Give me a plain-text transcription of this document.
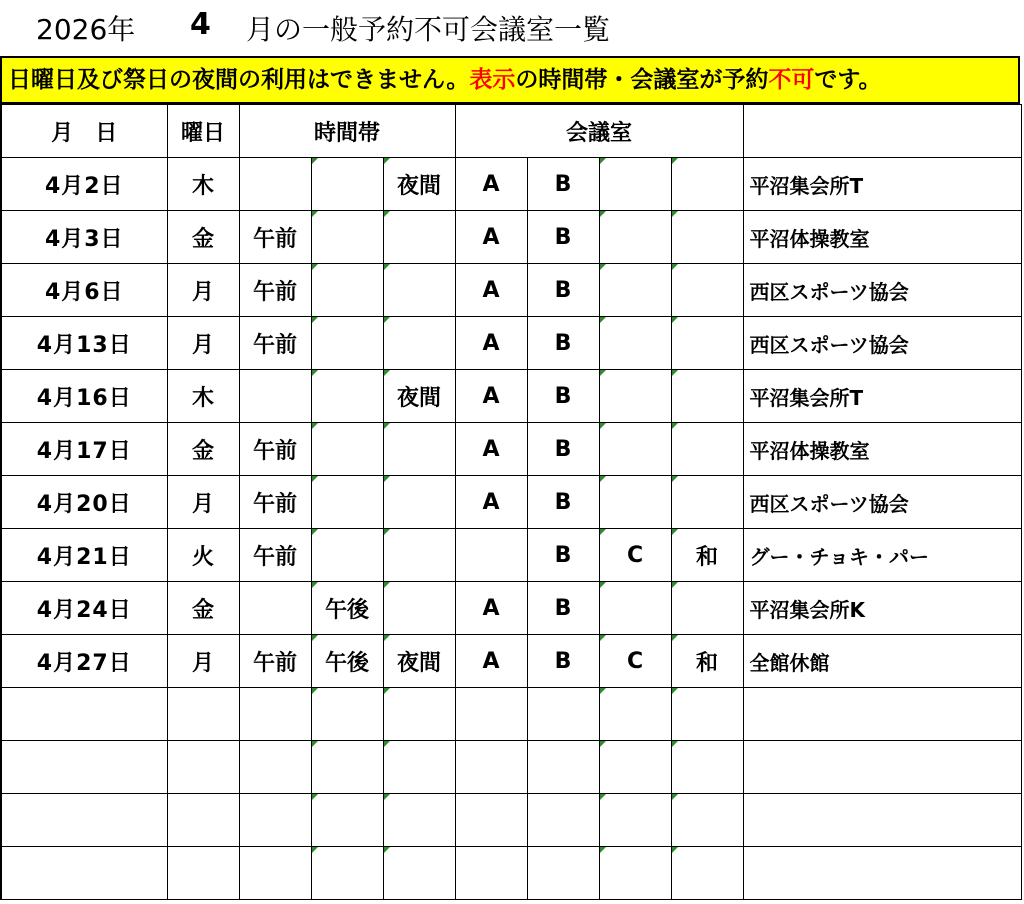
2026年 4 月の一般予約不可会議室一覧
日曜日及び祭日の夜間の利用はできません。表示の時間帯・会議室が予約不可です。
月　日	曜日	時間帯			会議室				
4月2日	木			夜間	A	B			平沼集会所T
4月3日	金	午前			A	B			平沼体操教室
4月6日	月	午前			A	B			西区スポーツ協会
4月13日	月	午前			A	B			西区スポーツ協会
4月16日	木			夜間	A	B			平沼集会所T
4月17日	金	午前			A	B			平沼体操教室
4月20日	月	午前			A	B			西区スポーツ協会
4月21日	火	午前				B	C	和	グー・チョキ・パー
4月24日	金		午後		A	B			平沼集会所K
4月27日	月	午前	午後	夜間	A	B	C	和	全館休館
